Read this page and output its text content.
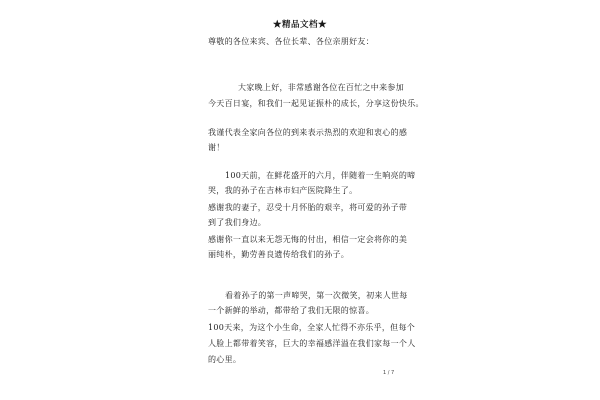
★精品文档★
尊敬的各位来宾、各位长辈、各位亲朋好友：
大家晚上好，非常感谢各位在百忙之中来参加
今天百日宴，和我们一起见证振朴的成长，分享这份快乐。
我谨代表全家向各位的到来表示热烈的欢迎和衷心的感
谢！
100天前，在鲜花盛开的六月，伴随着一生响亮的啼
哭，我的孙子在吉林市妇产医院降生了。
感谢我的妻子，忍受十月怀胎的艰辛，将可爱的孙子带
到了我们身边。
感谢你一直以来无怨无悔的付出，相信一定会将你的美
丽纯朴，勤劳善良遗传给我们的孙子。
看着孙子的第一声啼哭，第一次微笑，初来人世每
一个新鲜的举动，都带给了我们无限的惊喜。
100天来，为这个小生命，全家人忙得不亦乐乎，但每个
人脸上都带着笑容，巨大的幸福感洋溢在我们家每一个人
的心里。
1 / 7
